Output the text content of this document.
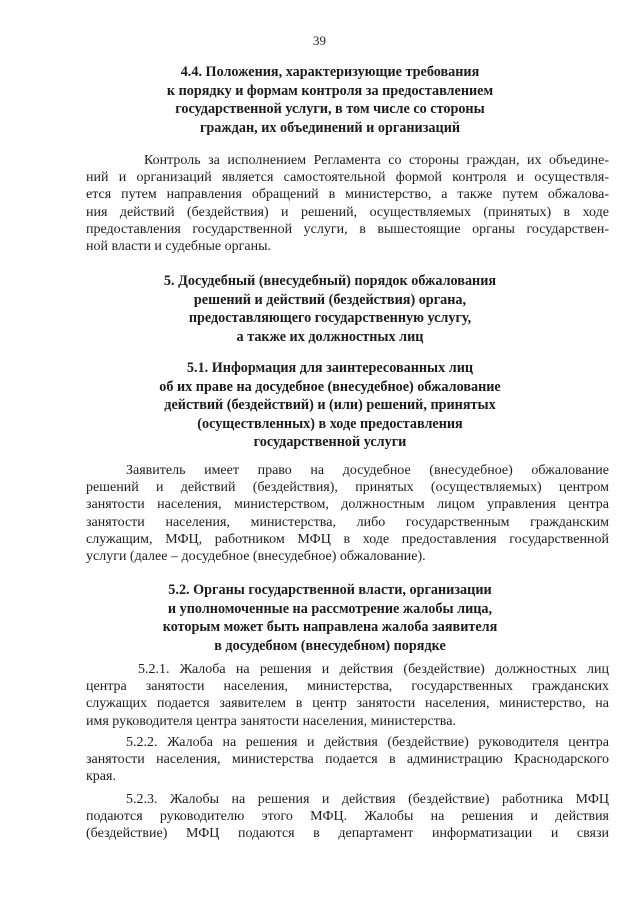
39
4.4. Положения, характеризующие требования
к порядку и формам контроля за предоставлением
государственной услуги, в том числе со стороны
граждан, их объединений и организаций
Контроль за исполнением Регламента со стороны граждан, их объедине-
ний и организаций является самостоятельной формой контроля и осуществля-
ется путем направления обращений в министерство, а также путем обжалова-
ния действий (бездействия) и решений, осуществляемых (принятых) в ходе
предоставления государственной услуги, в вышестоящие органы государствен-
ной власти и судебные органы.
5. Досудебный (внесудебный) порядок обжалования
решений и действий (бездействия) органа,
предоставляющего государственную услугу,
а также их должностных лиц
5.1. Информация для заинтересованных лиц
об их праве на досудебное (внесудебное) обжалование
действий (бездействий) и (или) решений, принятых
(осуществленных) в ходе предоставления
государственной услуги
Заявитель имеет право на досудебное (внесудебное) обжалование
решений и действий (бездействия), принятых (осуществляемых) центром
занятости населения, министерством, должностным лицом управления центра
занятости населения, министерства, либо государственным гражданским
служащим, МФЦ, работником МФЦ в ходе предоставления государственной
услуги (далее – досудебное (внесудебное) обжалование).
5.2. Органы государственной власти, организации
и уполномоченные на рассмотрение жалобы лица,
которым может быть направлена жалоба заявителя
в досудебном (внесудебном) порядке
5.2.1. Жалоба на решения и действия (бездействие) должностных лиц
центра занятости населения, министерства, государственных гражданских
служащих подается заявителем в центр занятости населения, министерство, на
имя руководителя центра занятости населения, министерства.
5.2.2. Жалоба на решения и действия (бездействие) руководителя центра
занятости населения, министерства подается в администрацию Краснодарского
края.
5.2.3. Жалобы на решения и действия (бездействие) работника МФЦ
подаются руководителю этого МФЦ. Жалобы на решения и действия
(бездействие) МФЦ подаются в департамент информатизации и связи
